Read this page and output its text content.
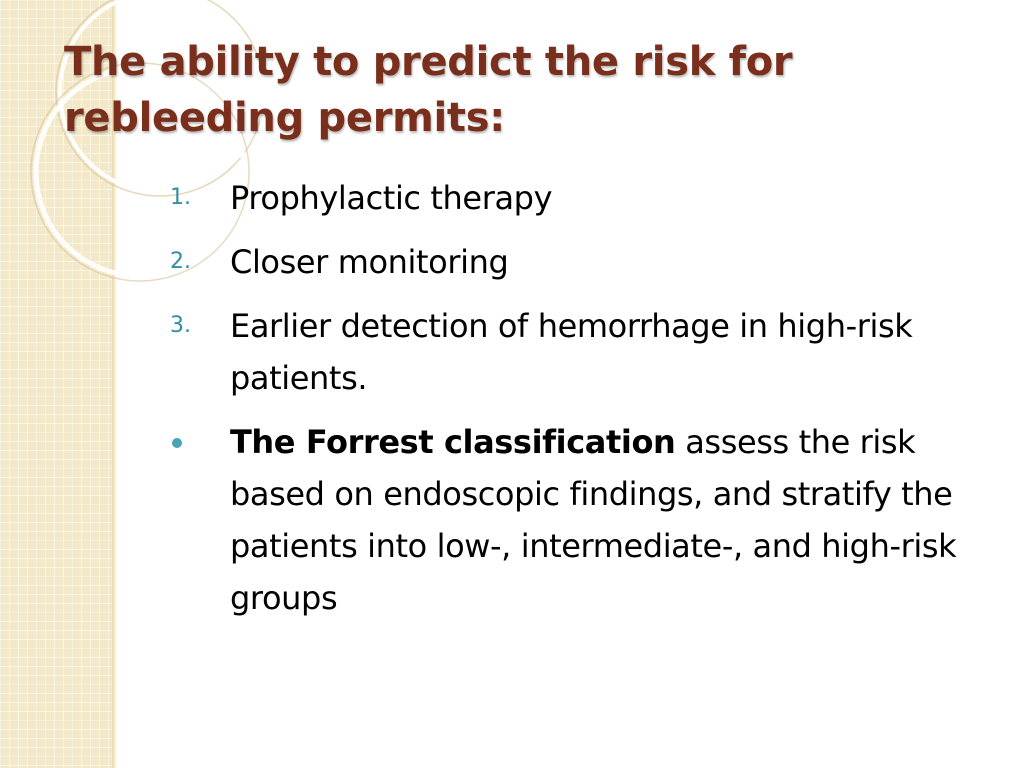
The ability to predict the risk for rebleeding permits:
1. Prophylactic therapy
2. Closer monitoring
3. Earlier detection of hemorrhage in high-risk patients.
The Forrest classification assess the risk based on endoscopic findings, and stratify the patients into low-, intermediate-, and high-risk groups
